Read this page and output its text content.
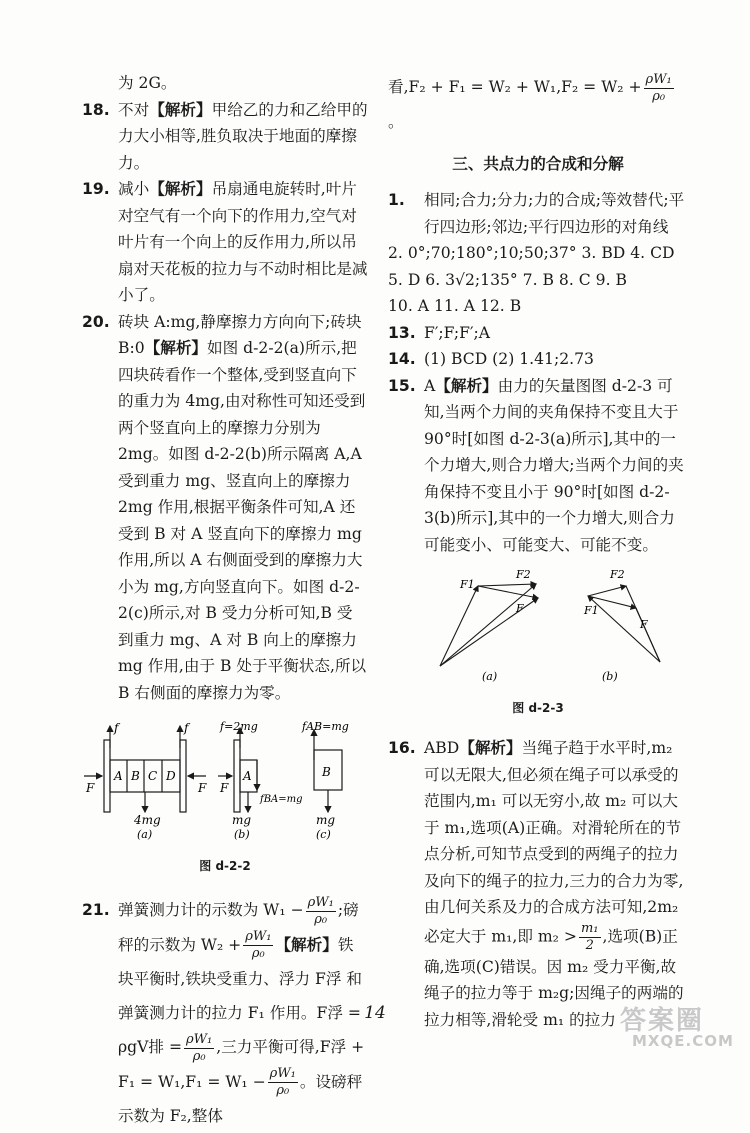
为 2G。

18. 不对【解析】甲给乙的力和乙给甲的力大小相等,胜负取决于地面的摩擦力。

19. 减小【解析】吊扇通电旋转时,叶片对空气有一个向下的作用力,空气对叶片有一个向上的反作用力,所以吊扇对天花板的拉力与不动时相比是减小了。

20. 砖块 A:mg,静摩擦力方向向下;砖块 B:0【解析】如图 d-2-2(a)所示,把四块砖看作一个整体,受到竖直向下的重力为 4mg,由对称性可知还受到两个竖直向上的摩擦力分别为 2mg。如图 d-2-2(b)所示隔离 A,A 受到重力 mg、竖直向上的摩擦力 2mg 作用,根据平衡条件可知,A 还受到 B 对 A 竖直向下的摩擦力 mg 作用,所以 A 右侧面受到的摩擦力大小为 mg,方向竖直向下。如图 d-2-2(c)所示,对 B 受力分析可知,B 受到重力 mg、A 对 B 向上的摩擦力 mg 作用,由于 B 处于平衡状态,所以 B 右侧面的摩擦力为零。

f	f
F	F
A B C D
4mg
(a)
f=2mg
F
A
fBA=mg
mg
(b)
fAB=mg
B
mg
(c)
图 d-2-2

21. 弹簧测力计的示数为 $W_1 - \frac{\text{ρW₁}}{\text{ρ₀}}$ ;磅秤的示数为 $W_2 + \frac{\text{ρW₁}}{\text{ρ₀}}$ 【解析】铁块平衡时,铁块受重力、浮力 F浮 和弹簧测力计的拉力 F₁ 作用。F浮 = ρgV排 = $\frac{\text{ρW₁}}{\text{ρ₀}}$ ,三力平衡可得,F浮 + $F_1 = W_1,F_1 = W_1 - \frac{\text{ρW₁}}{\text{ρ₀}}$ 。设磅秤示数为 F₂,整体

看$,F_2 + F_1 = W_2 + W_1,F_2 = W_2 + \frac{\text{ρW₁}}{\text{ρ₀}}$
。

三、共点力的合成和分解

1. 相同;合力;分力;力的合成;等效替代;平行四边形;邻边;平行四边形的对角线

2. 0°;70;180°;10;50;37° 3. BD 4. CD

5. D 6. 3√2;135° 7. B 8. C 9. B

10. A 11. A 12. B

13. F′;F;F′;A

14. (1) BCD (2) 1.41;2.73

15. A【解析】由力的矢量图图 d-2-3 可知,当两个力间的夹角保持不变且大于 90°时[如图 d-2-3(a)所示],其中的一个力增大,则合力增大;当两个力间的夹角保持不变且小于 90°时[如图 d-2-3(b)所示],其中的一个力增大,则合力可能变小、可能变大、可能不变。

F1
F2
F
(a)
F2
F1
F
(b)
图 d-2-3

16. ABD【解析】当绳子趋于水平时,m₂ 可以无限大,但必须在绳子可以承受的范围内,m₁ 可以无穷小,故 m₂ 可以大于 m₁,选项(A)正确。对滑轮所在的节点分析,可知节点受到的两绳子的拉力及向下的绳子的拉力,三力的合力为零,由几何关系及力的合成方法可知,2m₂ 必定大于 m₁,即 $m_2 > \frac{\text{m₁}}{2}$ ,选项(B)正确,选项(C)错误。因 m₂ 受力平衡,故绳子的拉力等于 m₂g;因绳子的两端的拉力相等,滑轮受 m₁ 的拉力

14	答案圈
MXQE.COM
